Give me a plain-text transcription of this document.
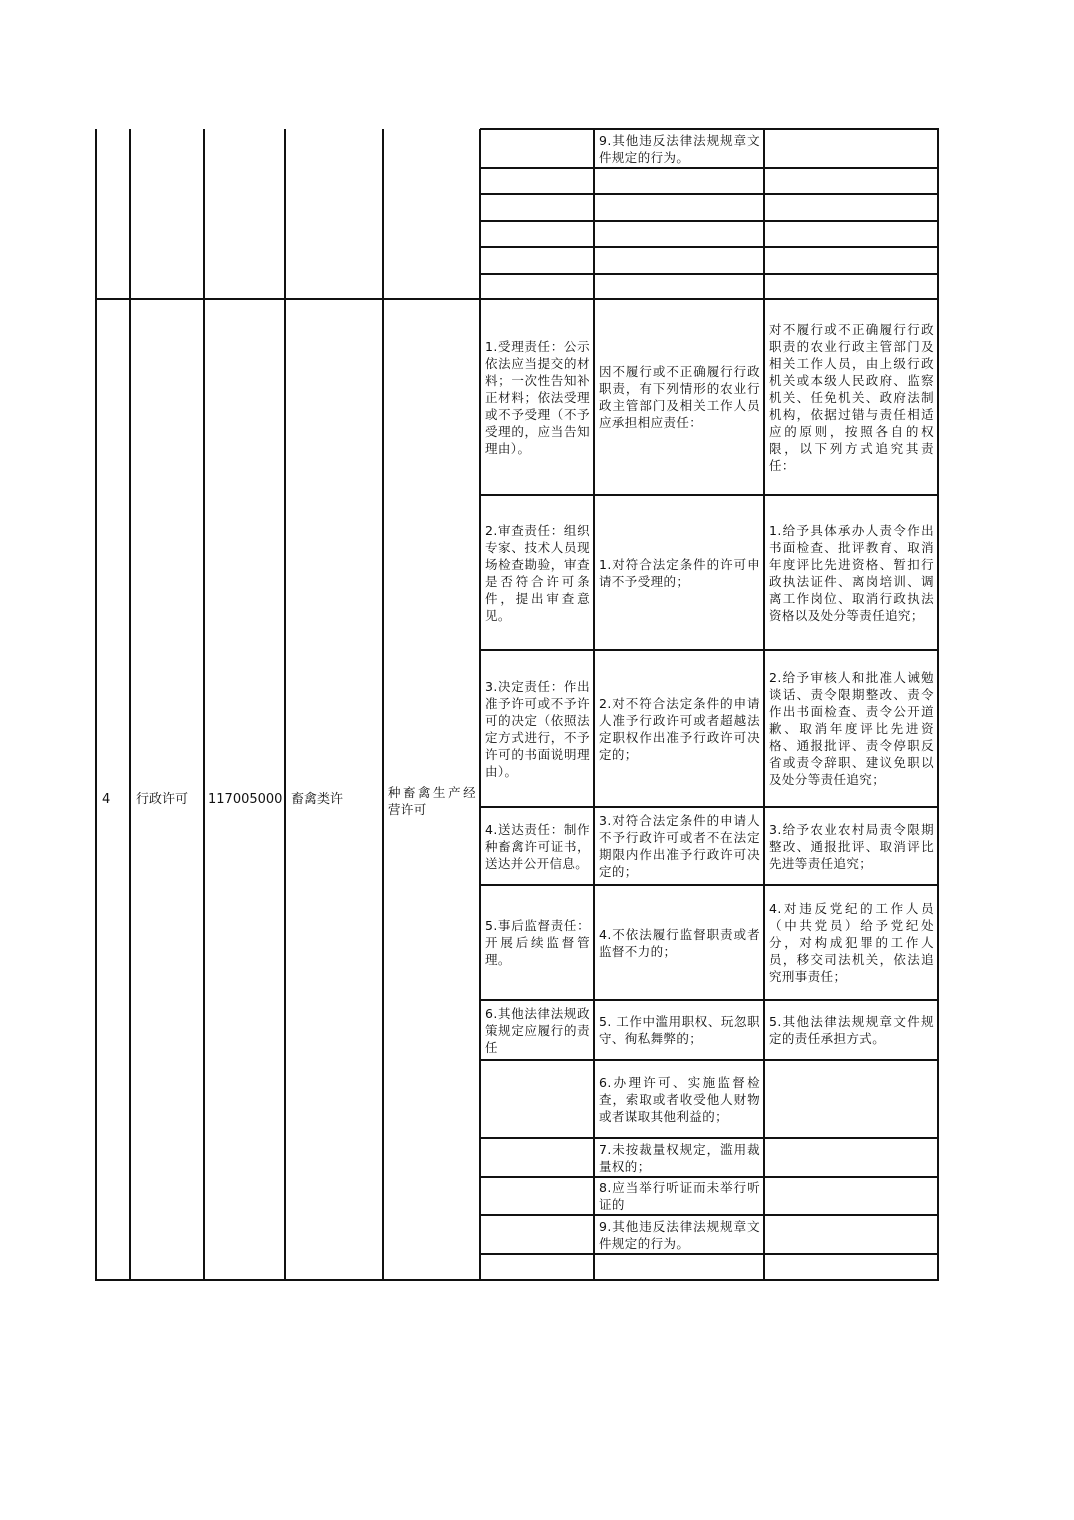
9.其他违反法律法规规章文件规定的行为。
4 行政许可 117005000 畜禽类许	种畜禽生产经营许可
1.受理责任：公示依法应当提交的材料；一次性告知补正材料；依法受理或不予受理（不予受理的，应当告知理由）。
因不履行或不正确履行行政职责，有下列情形的农业行政主管部门及相关工作人员应承担相应责任：
对不履行或不正确履行行政职责的农业行政主管部门及相关工作人员，由上级行政机关或本级人民政府、监察机关、任免机关、政府法制机构，依据过错与责任相适应的原则，按照各自的权限，以下列方式追究其责任：
2.审查责任：组织专家、技术人员现场检查勘验，审查是否符合许可条件，提出审查意见。
1.对符合法定条件的许可申请不予受理的；
1.给予具体承办人责令作出书面检查、批评教育、取消年度评比先进资格、暂扣行政执法证件、离岗培训、调离工作岗位、取消行政执法资格以及处分等责任追究；
3.决定责任：作出准予许可或不予许可的决定（依照法定方式进行，不予许可的书面说明理由）。
2.对不符合法定条件的申请人准予行政许可或者超越法定职权作出准予行政许可决定的；
2.给予审核人和批准人诫勉谈话、责令限期整改、责令作出书面检查、责令公开道歉、取消年度评比先进资格、通报批评、责令停职反省或责令辞职、建议免职以及处分等责任追究；
4.送达责任：制作种畜禽许可证书，送达并公开信息。
3.对符合法定条件的申请人不予行政许可或者不在法定期限内作出准予行政许可决定的；
3.给予农业农村局责令限期整改、通报批评、取消评比先进等责任追究；
5.事后监督责任：开展后续监督管理。
4.不依法履行监督职责或者监督不力的；
4.对违反党纪的工作人员（中共党员）给予党纪处分，对构成犯罪的工作人员，移交司法机关，依法追究刑事责任；
6.其他法律法规政策规定应履行的责任
5. 工作中滥用职权、玩忽职守、徇私舞弊的；
5.其他法律法规规章文件规定的责任承担方式。
6.办理许可、实施监督检查，索取或者收受他人财物或者谋取其他利益的；
7.未按裁量权规定，滥用裁量权的；
8.应当举行听证而未举行听证的
9.其他违反法律法规规章文件规定的行为。
